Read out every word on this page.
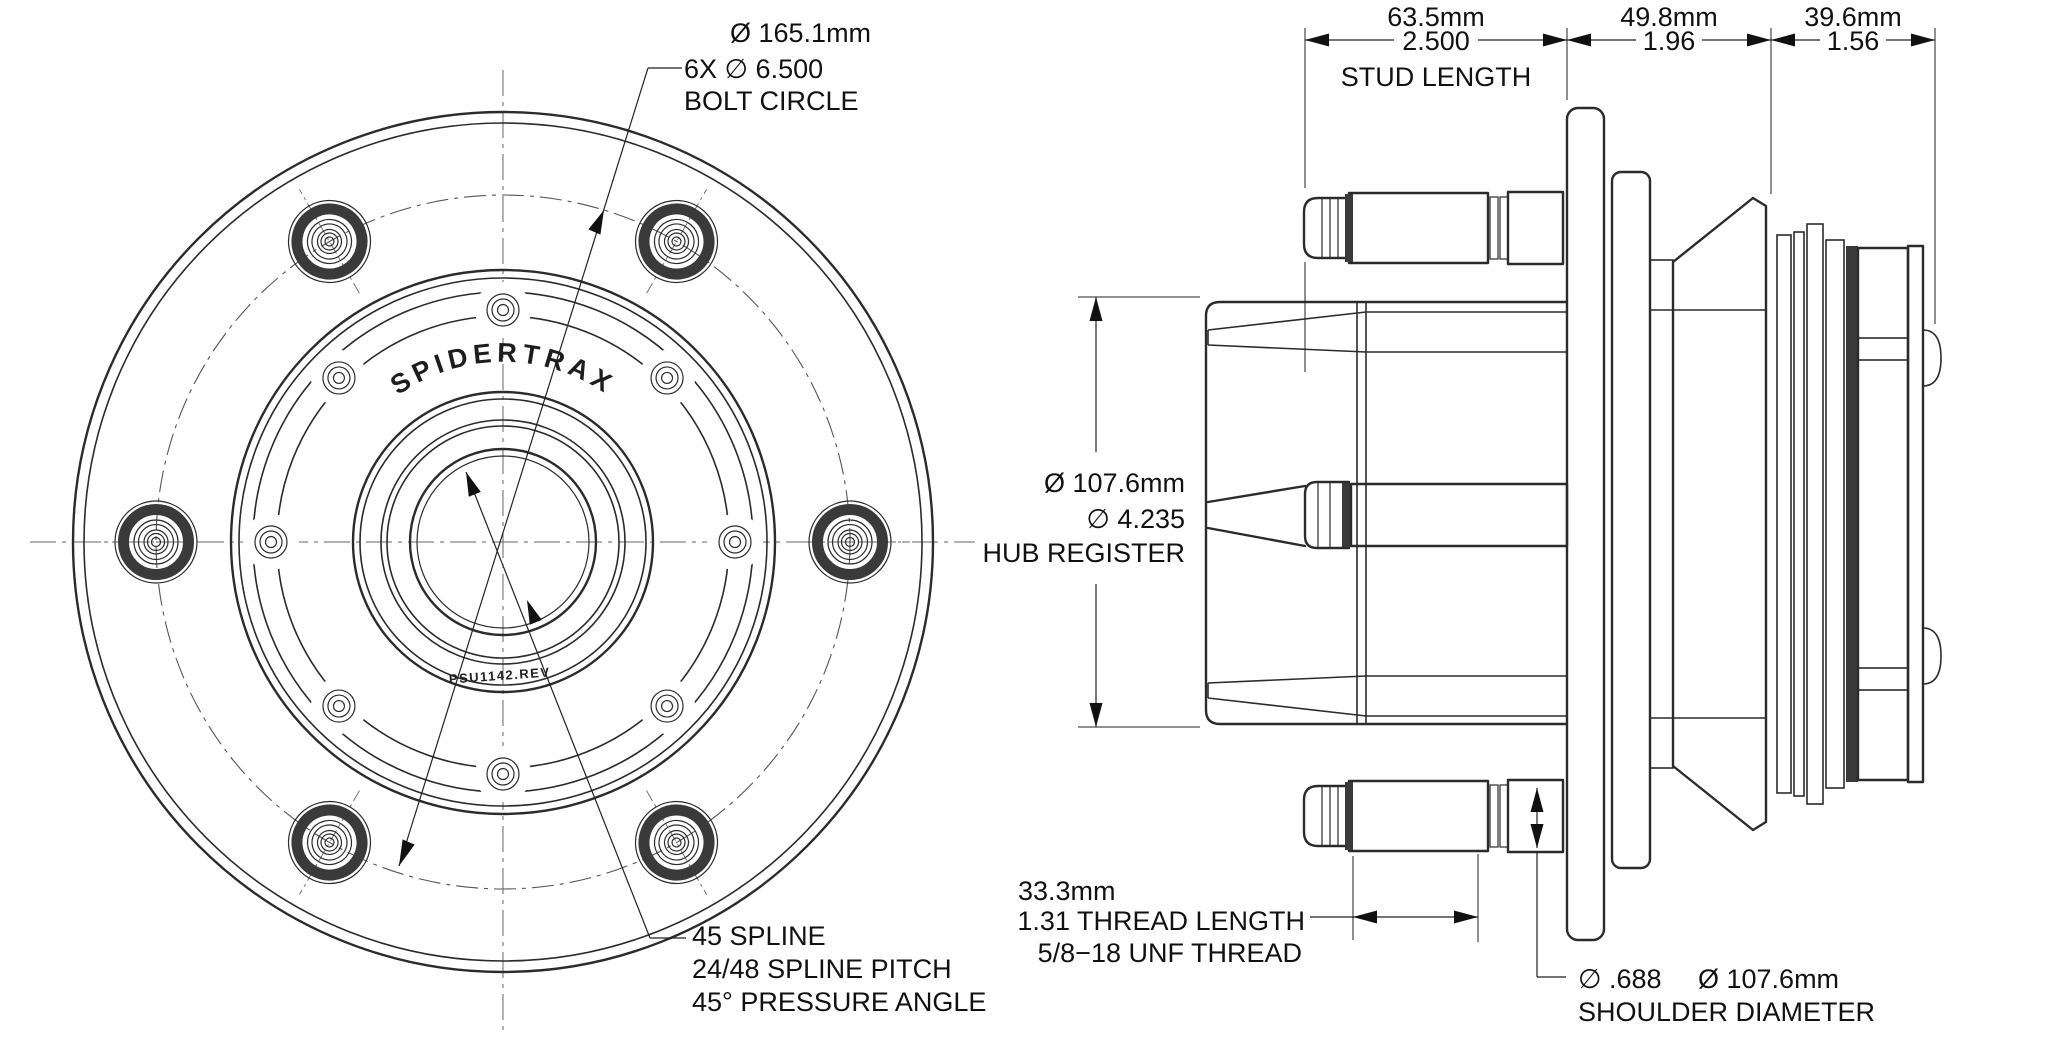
SPIDERTRAX
PSU1142.REV
Ø 165.1mm
6X ∅ 6.500
BOLT CIRCLE
45 SPLINE
24/48 SPLINE PITCH
45° PRESSURE ANGLE
63.5mm
2.500
STUD LENGTH
49.8mm
1.96
39.6mm
1.56
Ø 107.6mm
∅ 4.235
HUB REGISTER
33.3mm
1.31 THREAD LENGTH
5/8−18 UNF THREAD
∅ .688 Ø 107.6mm
SHOULDER DIAMETER
